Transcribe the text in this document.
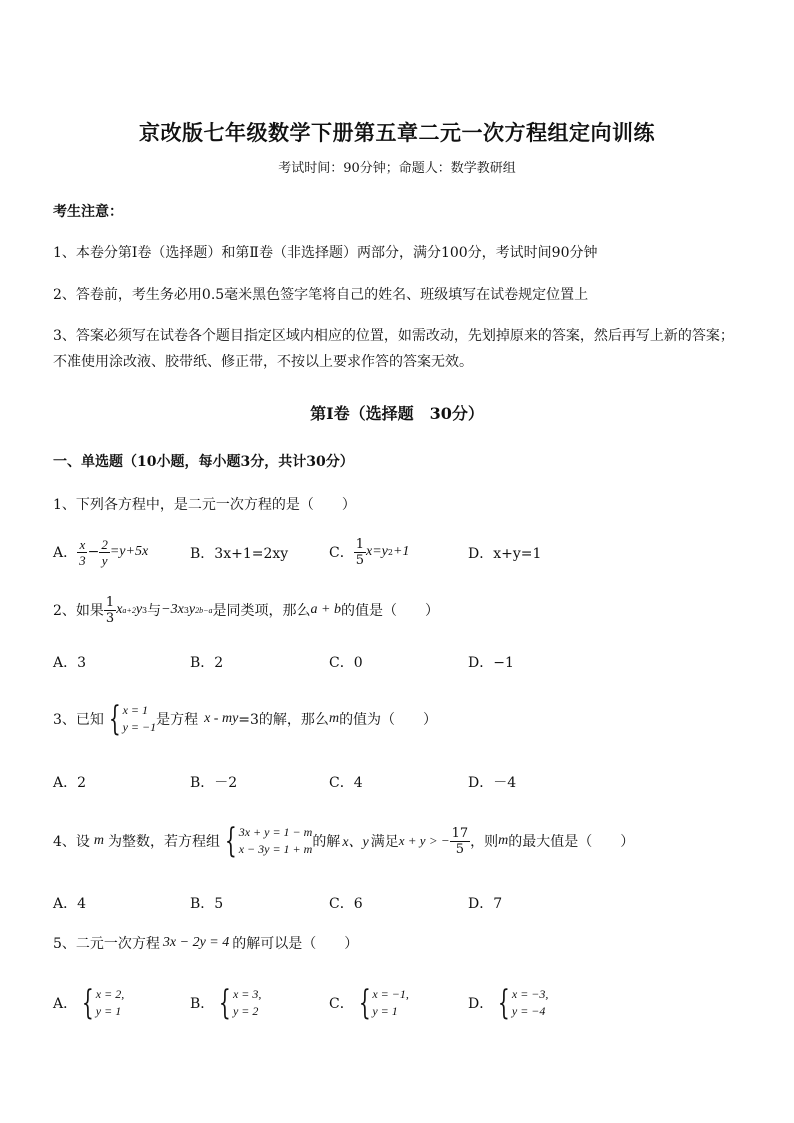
京改版七年级数学下册第五章二元一次方程组定向训练
考试时间：90分钟；命题人：数学教研组
考生注意：
1、本卷分第Ⅰ卷（选择题）和第Ⅱ卷（非选择题）两部分，满分100分，考试时间90分钟
2、答卷前，考生务必用0.5毫米黑色签字笔将自己的姓名、班级填写在试卷规定位置上
3、答案必须写在试卷各个题目指定区域内相应的位置，如需改动，先划掉原来的答案，然后再写上新的答案；不准使用涂改液、胶带纸、修正带，不按以上要求作答的答案无效。
第Ⅰ卷（选择题　30分）
一、单选题（10小题，每小题3分，共计30分）
1、下列各方程中，是二元一次方程的是（　　）
A． $\frac{x}{3} - \frac{2}{y} =y+5x$	B．3x+1=2xy	C． $\frac{1}{5} x=y$ 2 +1	D．x+y=1
2、如果 $\frac{1}{3}$ x a+2 y 3 与 −3x 3 y 2b−a 是同类项，那么 a + b 的值是（　　）
A．3	B．2	C．0	D．−1
3、已知 { x = 1
y = −1 是方程 x - my =3的解，那么 m 的值为（　　）
A．2	B．－2	C．4	D．－4
4、设 m 为整数，若方程组 { 3x + y = 1 − m
x − 3y = 1 + m 的解 x、y 满足 x + y > − $\frac{17}{5}$ ，则 m 的最大值是（　　）
A．4	B．5	C．6	D．7
5、二元一次方程 3x − 2y = 4 的解可以是（　　）
A． { x = 2,
y = 1	B． { x = 3,
y = 2	C． { x = −1,
y = 1	D． { x = −3,
y = −4
